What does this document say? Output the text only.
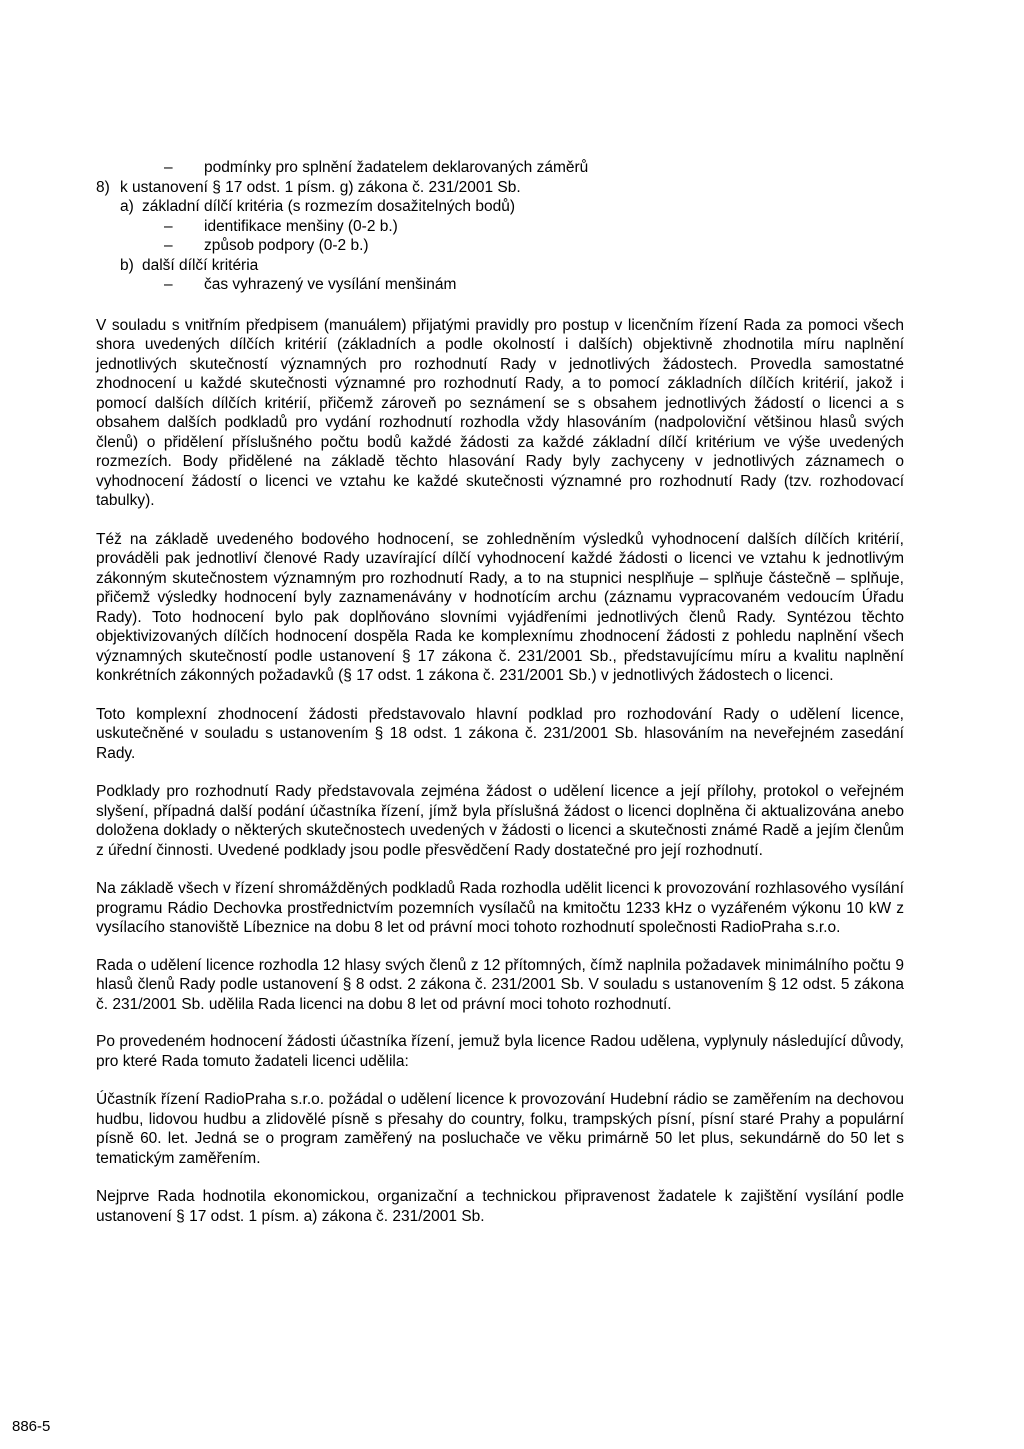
– podmínky pro splnění žadatelem deklarovaných záměrů
8) k ustanovení § 17 odst. 1 písm. g) zákona č. 231/2001 Sb.
a) základní dílčí kritéria (s rozmezím dosažitelných bodů)
– identifikace menšiny (0-2 b.)
– způsob podpory (0-2 b.)
b) další dílčí kritéria
– čas vyhrazený ve vysílání menšinám

V souladu s vnitřním předpisem (manuálem) přijatými pravidly pro postup v licenčním řízení Rada za pomoci všech shora uvedených dílčích kritérií (základních a podle okolností i dalších) objektivně zhodnotila míru naplnění jednotlivých skutečností významných pro rozhodnutí Rady v jednotlivých žádostech. Provedla samostatné zhodnocení u každé skutečnosti významné pro rozhodnutí Rady, a to pomocí základních dílčích kritérií, jakož i pomocí dalších dílčích kritérií, přičemž zároveň po seznámení se s obsahem jednotlivých žádostí o licenci a s obsahem dalších podkladů pro vydání rozhodnutí rozhodla vždy hlasováním (nadpoloviční většinou hlasů svých členů) o přidělení příslušného počtu bodů každé žádosti za každé základní dílčí kritérium ve výše uvedených rozmezích. Body přidělené na základě těchto hlasování Rady byly zachyceny v jednotlivých záznamech o vyhodnocení žádostí o licenci ve vztahu ke každé skutečnosti významné pro rozhodnutí Rady (tzv. rozhodovací tabulky).

Též na základě uvedeného bodového hodnocení, se zohledněním výsledků vyhodnocení dalších dílčích kritérií, prováděli pak jednotliví členové Rady uzavírající dílčí vyhodnocení každé žádosti o licenci ve vztahu k jednotlivým zákonným skutečnostem významným pro rozhodnutí Rady, a to na stupnici nesplňuje – splňuje částečně – splňuje, přičemž výsledky hodnocení byly zaznamenávány v hodnotícím archu (záznamu vypracovaném vedoucím Úřadu Rady). Toto hodnocení bylo pak doplňováno slovními vyjádřeními jednotlivých členů Rady. Syntézou těchto objektivizovaných dílčích hodnocení dospěla Rada ke komplexnímu zhodnocení žádosti z pohledu naplnění všech významných skutečností podle ustanovení § 17 zákona č. 231/2001 Sb., představujícímu míru a kvalitu naplnění konkrétních zákonných požadavků (§ 17 odst. 1 zákona č. 231/2001 Sb.) v jednotlivých žádostech o licenci.

Toto komplexní zhodnocení žádosti představovalo hlavní podklad pro rozhodování Rady o udělení licence, uskutečněné v souladu s ustanovením § 18 odst. 1 zákona č. 231/2001 Sb. hlasováním na neveřejném zasedání Rady.

Podklady pro rozhodnutí Rady představovala zejména žádost o udělení licence a její přílohy, protokol o veřejném slyšení, případná další podání účastníka řízení, jímž byla příslušná žádost o licenci doplněna či aktualizována anebo doložena doklady o některých skutečnostech uvedených v žádosti o licenci a skutečnosti známé Radě a jejím členům z úřední činnosti. Uvedené podklady jsou podle přesvědčení Rady dostatečné pro její rozhodnutí.

Na základě všech v řízení shromážděných podkladů Rada rozhodla udělit licenci k provozování rozhlasového vysílání programu Rádio Dechovka prostřednictvím pozemních vysílačů na kmitočtu 1233 kHz o vyzářeném výkonu 10 kW z vysílacího stanoviště Líbeznice na dobu 8 let od právní moci tohoto rozhodnutí společnosti RadioPraha s.r.o.

Rada o udělení licence rozhodla 12 hlasy svých členů z 12 přítomných, čímž naplnila požadavek minimálního počtu 9 hlasů členů Rady podle ustanovení § 8 odst. 2 zákona č. 231/2001 Sb. V souladu s ustanovením § 12 odst. 5 zákona č. 231/2001 Sb. udělila Rada licenci na dobu 8 let od právní moci tohoto rozhodnutí.

Po provedeném hodnocení žádosti účastníka řízení, jemuž byla licence Radou udělena, vyplynuly následující důvody, pro které Rada tomuto žadateli licenci udělila:

Účastník řízení RadioPraha s.r.o. požádal o udělení licence k provozování Hudební rádio se zaměřením na dechovou hudbu, lidovou hudbu a zlidovělé písně s přesahy do country, folku, trampských písní, písní staré Prahy a populární písně 60. let. Jedná se o program zaměřený na posluchače ve věku primárně 50 let plus, sekundárně do 50 let s tematickým zaměřením.

Nejprve Rada hodnotila ekonomickou, organizační a technickou připravenost žadatele k zajištění vysílání podle ustanovení § 17 odst. 1 písm. a) zákona č. 231/2001 Sb.

886-5
